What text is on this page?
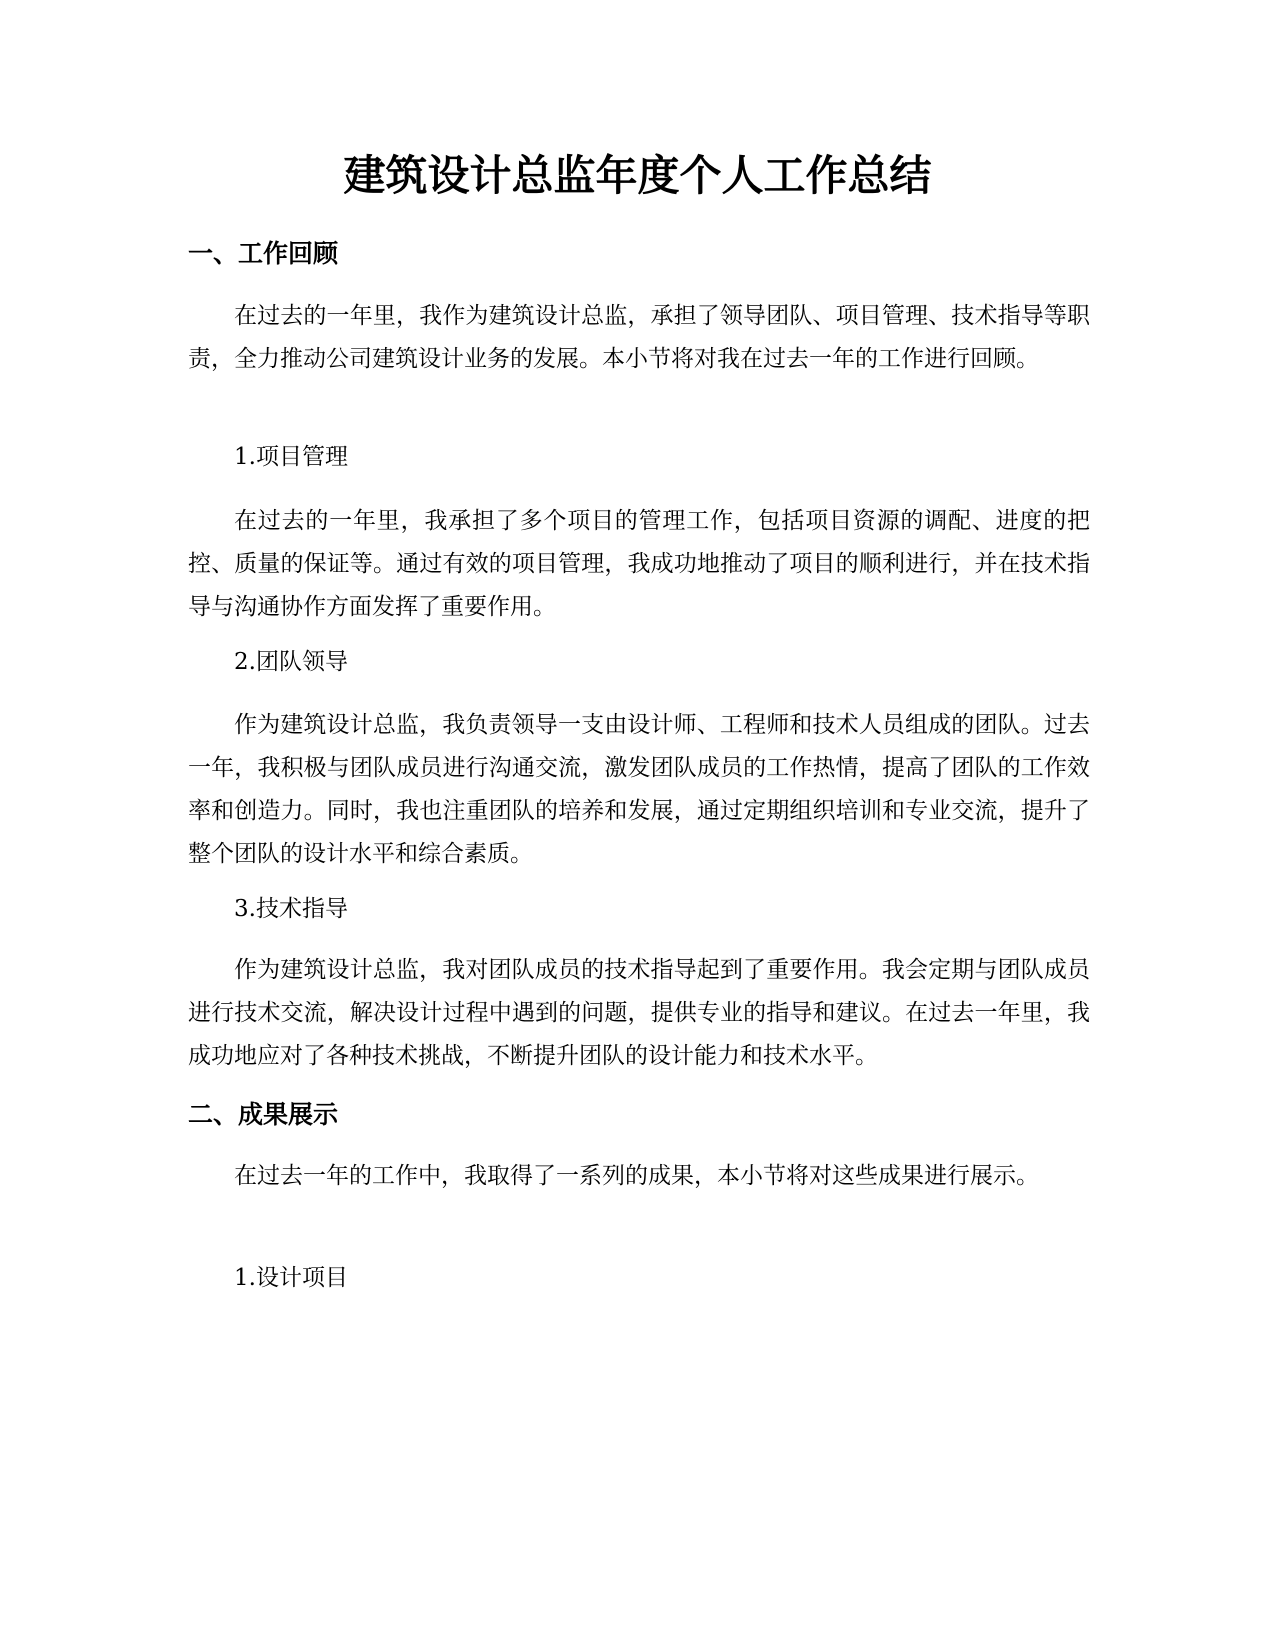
建筑设计总监年度个人工作总结
一、工作回顾

在过去的一年里，我作为建筑设计总监，承担了领导团队、项目管理、技术指导等职责，全力推动公司建筑设计业务的发展。本小节将对我在过去一年的工作进行回顾。

1.项目管理

在过去的一年里，我承担了多个项目的管理工作，包括项目资源的调配、进度的把控、质量的保证等。通过有效的项目管理，我成功地推动了项目的顺利进行，并在技术指导与沟通协作方面发挥了重要作用。

2.团队领导

作为建筑设计总监，我负责领导一支由设计师、工程师和技术人员组成的团队。过去一年，我积极与团队成员进行沟通交流，激发团队成员的工作热情，提高了团队的工作效率和创造力。同时，我也注重团队的培养和发展，通过定期组织培训和专业交流，提升了整个团队的设计水平和综合素质。

3.技术指导

作为建筑设计总监，我对团队成员的技术指导起到了重要作用。我会定期与团队成员进行技术交流，解决设计过程中遇到的问题，提供专业的指导和建议。在过去一年里，我成功地应对了各种技术挑战，不断提升团队的设计能力和技术水平。

二、成果展示

在过去一年的工作中，我取得了一系列的成果，本小节将对这些成果进行展示。

1.设计项目
